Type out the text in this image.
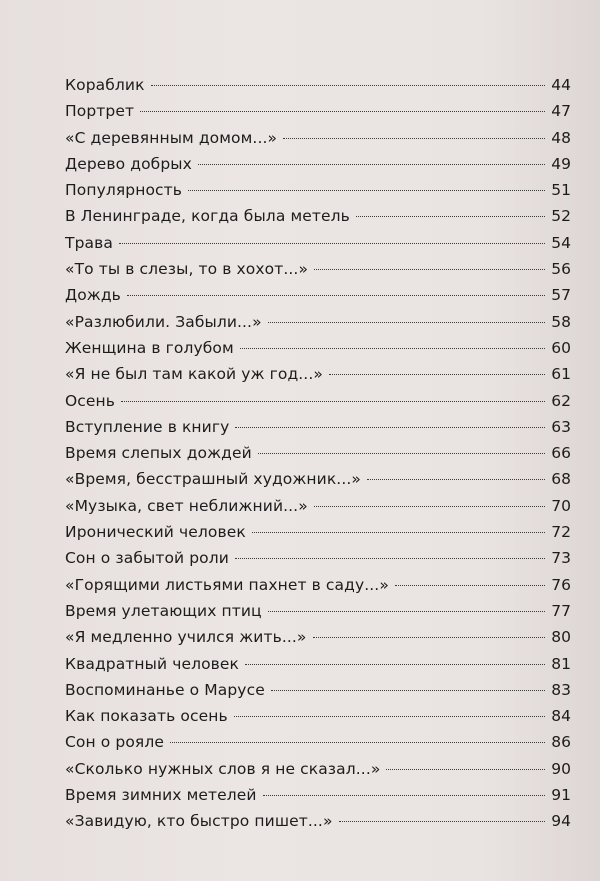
Кораблик	44
Портрет	47
«С деревянным домом...»	48
Дерево добрых	49
Популярность	51
В Ленинграде, когда была метель	52
Трава	54
«То ты в слезы, то в хохот...»	56
Дождь	57
«Разлюбили. Забыли...»	58
Женщина в голубом	60
«Я не был там какой уж год...»	61
Осень	62
Вступление в книгу	63
Время слепых дождей	66
«Время, бесстрашный художник...»	68
«Музыка, свет неближний...»	70
Иронический человек	72
Сон о забытой роли	73
«Горящими листьями пахнет в саду...»	76
Время улетающих птиц	77
«Я медленно учился жить...»	80
Квадратный человек	81
Воспоминанье о Марусе	83
Как показать осень	84
Сон о рояле	86
«Сколько нужных слов я не сказал...»	90
Время зимних метелей	91
«Завидую, кто быстро пишет...»	94
